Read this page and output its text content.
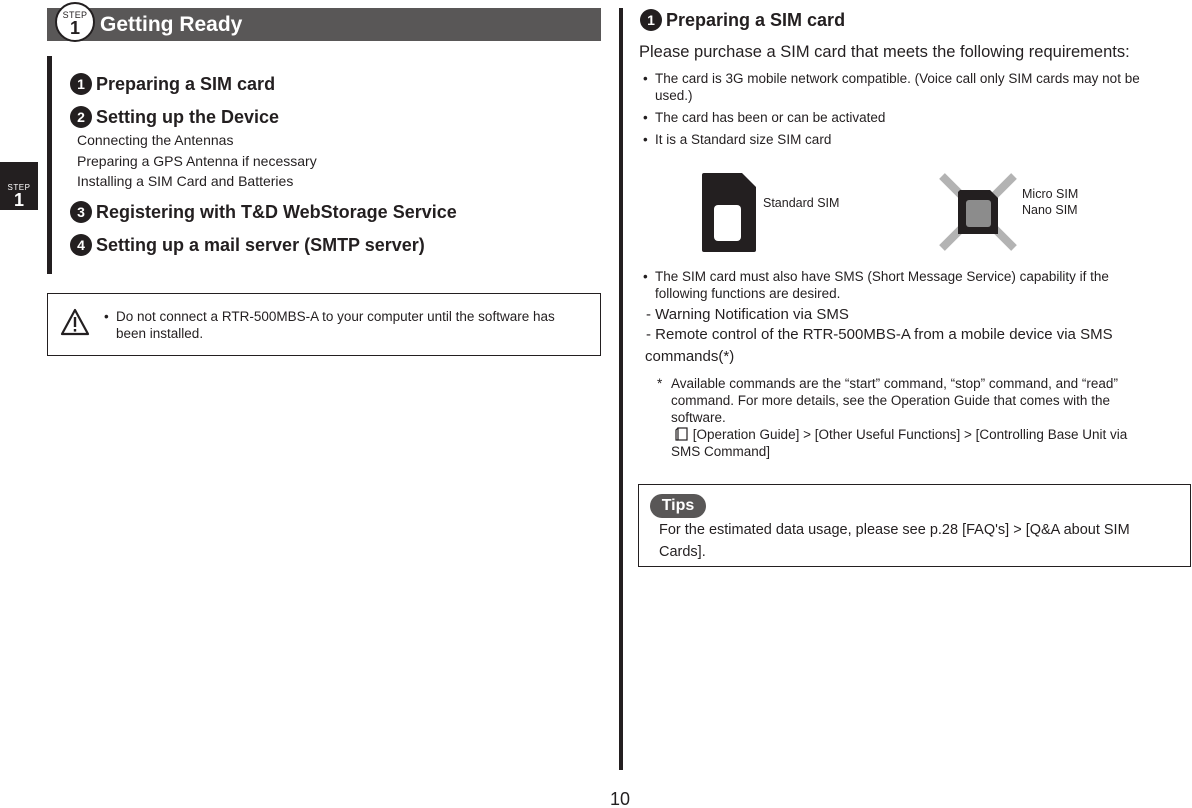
STEP
1
STEP
1 Getting Ready
1 Preparing a SIM card
2 Setting up the Device
Connecting the Antennas
Preparing a GPS Antenna if necessary
Installing a SIM Card and Batteries
3 Registering with T&D WebStorage Service
4 Setting up a mail server (SMTP server)
• Do not connect a RTR-500MBS-A to your computer until the software has
been installed.
1 Preparing a SIM card
Please purchase a SIM card that meets the following requirements:
• The card is 3G mobile network compatible. (Voice call only SIM cards may not be
used.)
• The card has been or can be activated
• It is a Standard size SIM card
Standard SIM
Micro SIM
Nano SIM
• The SIM card must also have SMS (Short Message Service) capability if the
following functions are desired.
- Warning Notification via SMS
- Remote control of the RTR-500MBS-A from a mobile device via SMS
commands(*)
* Available commands are the “start” command, “stop” command, and “read”
command. For more details, see the Operation Guide that comes with the
software.
[Operation Guide] > [Other Useful Functions] > [Controlling Base Unit via
SMS Command]
Tips
For the estimated data usage, please see p.28 [FAQ's] > [Q&A about SIM
Cards].
10
